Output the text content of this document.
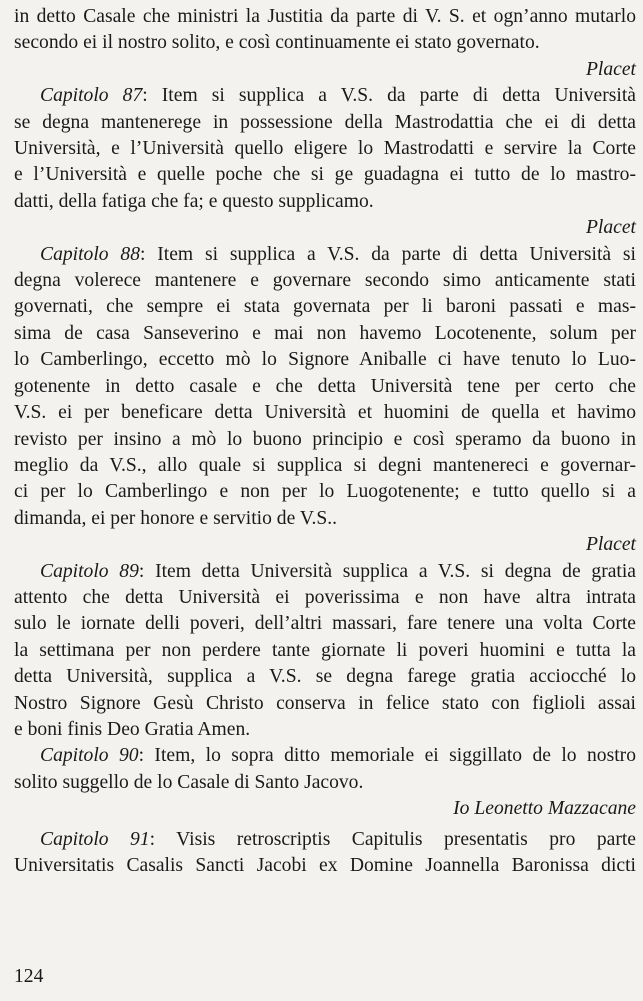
in detto Casale che ministri la Justitia da parte di V. S. et ogn’anno mutarlo
secondo ei il nostro solito, e così continuamente ei stato governato.
Placet
Capitolo 87: Item si supplica a V.S. da parte di detta Università
se degna mantenerege in possessione della Mastrodattia che ei di detta
Università, e l’Università quello eligere lo Mastrodatti e servire la Corte
e l’Università e quelle poche che si ge guadagna ei tutto de lo mastro-
datti, della fatiga che fa; e questo supplicamo.
Placet
Capitolo 88: Item si supplica a V.S. da parte di detta Università si
degna volerece mantenere e governare secondo simo anticamente stati
governati, che sempre ei stata governata per li baroni passati e mas-
sima de casa Sanseverino e mai non havemo Locotenente, solum per
lo Camberlingo, eccetto mò lo Signore Aniballe ci have tenuto lo Luo-
gotenente in detto casale e che detta Università tene per certo che
V.S. ei per beneficare detta Università et huomini de quella et havimo
revisto per insino a mò lo buono principio e così speramo da buono in
meglio da V.S., allo quale si supplica si degni mantenereci e governar-
ci per lo Camberlingo e non per lo Luogotenente; e tutto quello si a
dimanda, ei per honore e servitio de V.S..
Placet
Capitolo 89: Item detta Università supplica a V.S. si degna de gratia
attento che detta Università ei poverissima e non have altra intrata
sulo le iornate delli poveri, dell’altri massari, fare tenere una volta Corte
la settimana per non perdere tante giornate li poveri huomini e tutta la
detta Università, supplica a V.S. se degna farege gratia acciocché lo
Nostro Signore Gesù Christo conserva in felice stato con figlioli assai
e boni finis Deo Gratia Amen.
Capitolo 90: Item, lo sopra ditto memoriale ei siggillato de lo nostro
solito suggello de lo Casale di Santo Jacovo.
Io Leonetto Mazzacane
Capitolo 91: Visis retroscriptis Capitulis presentatis pro parte
Universitatis Casalis Sancti Jacobi ex Domine Joannella Baronissa dicti
124
